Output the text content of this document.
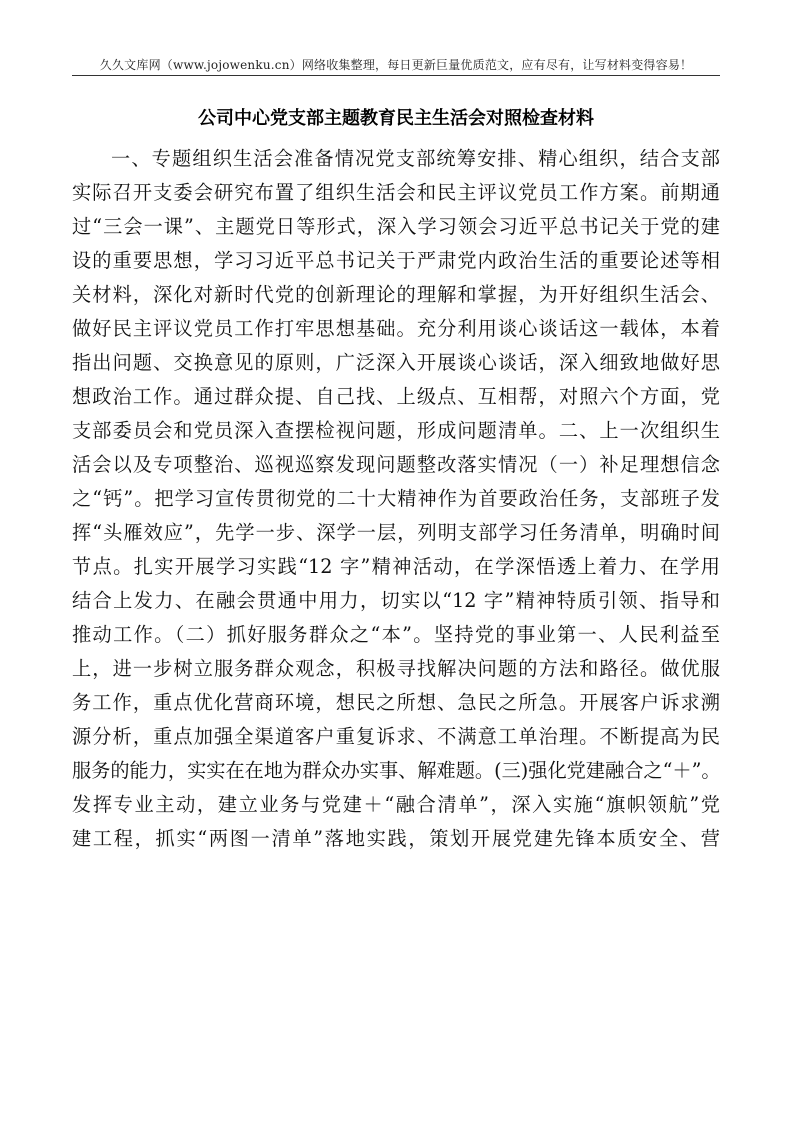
久久文库网（www.jojowenku.cn）网络收集整理，每日更新巨量优质范文，应有尽有，让写材料变得容易！
公司中心党支部主题教育民主生活会对照检查材料
一、专题组织生活会准备情况党支部统筹安排、精心组织，结合支部
实际召开支委会研究布置了组织生活会和民主评议党员工作方案。前期通
过“三会一课”、主题党日等形式，深入学习领会习近平总书记关于党的建
设的重要思想，学习习近平总书记关于严肃党内政治生活的重要论述等相
关材料，深化对新时代党的创新理论的理解和掌握，为开好组织生活会、
做好民主评议党员工作打牢思想基础。充分利用谈心谈话这一载体，本着
指出问题、交换意见的原则，广泛深入开展谈心谈话，深入细致地做好思
想政治工作。通过群众提、自己找、上级点、互相帮，对照六个方面，党
支部委员会和党员深入查摆检视问题，形成问题清单。二、上一次组织生
活会以及专项整治、巡视巡察发现问题整改落实情况（一）补足理想信念
之“钙”。把学习宣传贯彻党的二十大精神作为首要政治任务，支部班子发
挥“头雁效应”，先学一步、深学一层，列明支部学习任务清单，明确时间
节点。扎实开展学习实践“12 字”精神活动，在学深悟透上着力、在学用
结合上发力、在融会贯通中用力，切实以“12 字”精神特质引领、指导和
推动工作。（二）抓好服务群众之“本”。坚持党的事业第一、人民利益至
上，进一步树立服务群众观念，积极寻找解决问题的方法和路径。做优服
务工作，重点优化营商环境，想民之所想、急民之所急。开展客户诉求溯
源分析，重点加强全渠道客户重复诉求、不满意工单治理。不断提高为民
服务的能力，实实在在地为群众办实事、解难题。(三)强化党建融合之“＋”。
发挥专业主动，建立业务与党建＋“融合清单”，深入实施“旗帜领航”党
建工程，抓实“两图一清单”落地实践，策划开展党建先锋本质安全、营
